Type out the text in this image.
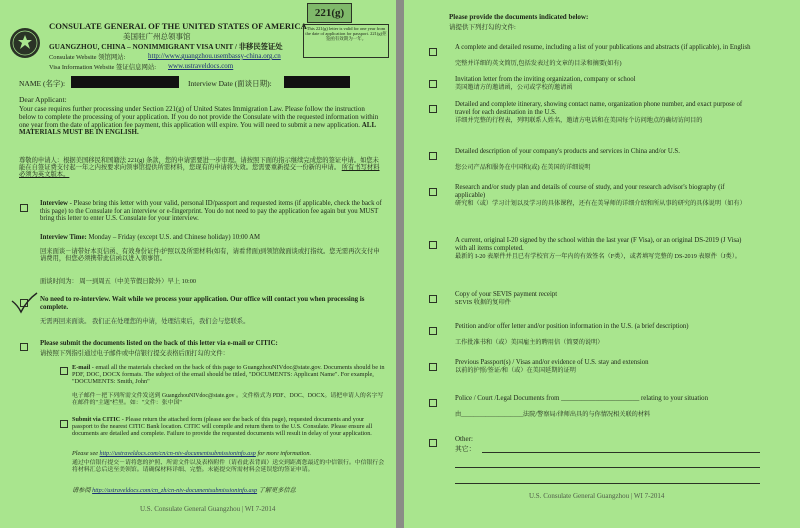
CONSULATE GENERAL OF THE UNITED STATES OF AMERICA
美国驻广州总领事馆
GUANGZHOU, CHINA – NONIMMIGRANT VISA UNIT / 非移民签证处
Consulate Website 领馆网站:	http://www.guangzhou.usembassy-china.org.cn
Visa Information Website 签证信息网站: www.ustraveldocs.com
221(g)
This 221(g) letter is valid for one year from the date of application for passport. 221(g)拒签函有效期为一年。
NAME (名字):	Interview Date (面谈日期):
Dear Applicant:
Your case requires further processing under Section 221(g) of United States Immigration Law. Please follow the instruction below to complete the processing of your application. If you do not provide the Consulate with the requested information within one year from the date of application fee payment, this application will expire. You will need to submit a new application. ALL MATERIALS MUST BE IN ENGLISH.
尊敬的申请人：根据美国移民和国籍法 221(g) 条款，您的申请需要进一步审理。请按照下面的指示继续完成您的签证申请。如您未能在自签证费支付起一年之内按要求向领事馆提供所需材料，您现有的申请将失效。您需要重新提交一份新的申请。 所有书写材料必须为英文版本。
Interview - Please bring this letter with your valid, personal ID/passport and requested items (if applicable, check the back of this page) to the Consulate for an interview or e-fingerprint. You do not need to pay the application fee again but you MUST bring this letter to enter U.S. Consulate for your interview.
Interview Time: Monday – Friday (except U.S. and Chinese holiday) 10:00 AM
回来面谈－请带好本页信函、有效身份证件/护照以及所需材料(如有，请看背面)到领馆做面谈或打指纹。您无需再次支付申请费用，但您必须携带此信函以进入领事馆。
面谈时间为： 周一到周五（中美节假日除外）早上 10:00
No need to re-interview. Wait while we process your application. Our office will contact you when processing is complete.
无需再回来面谈。 我们正在处理您的申请，处理结束后，我们会与您联系。
Please submit the documents listed on the back of this letter via e-mail or CITIC:
请按照下列指引通过电子邮件或中信银行提交表格后面打勾的文件：
E-mail - email all the materials checked on the back of this page to GuangzhouNIVdoc@state.gov. Documents should be in PDF, DOC, DOCX formats. The subject of the email should be titled, "DOCUMENTS: Applicant Name". For example, "DOCUMENTS: Smith, John"
电子邮件－把下列所需文件发送到 GuangzhouNIVdoc@state.gov 。文件格式为 PDF、DOC、DOCX。请把申请人的名字写在邮件的"主题"栏里。如："文件：张中国"
Submit via CITIC - Please return the attached form (please see the back of this page), requested documents and your passport to the nearest CITIC Bank location. CITIC will compile and return them to the U.S. Consulate. Please ensure all documents are detailed and complete. Failure to provide the requested documents will result in delay of your application.
Please see http://ustraveldocs.com/cn/cn-niv-documentsubmissioninfo.asp for more information.
通过中信银行提交－请将您的护照、所需文件以及表格附件（请看此表背面）送交到距离您最近的中信银行。中信银行会将材料汇总后送至美领馆。请确保材料详细、完整。未能提交所需材料会延误您的签证申请。
请参阅 http://ustraveldocs.com/cn_zh/cn-niv-documentsubmissioninfo.asp 了解更多信息
U.S. Consulate General Guangzhou | WI 7-2014
Please provide the documents indicated below:
请提供下列打勾的文件:
A complete and detailed resume, including a list of your publications and abstracts (if applicable), in English
完整并详细的英文简历,包括发表过的文章的目录和摘要(如有)
Invitation letter from the inviting organization, company or school
美国邀请方的邀请函，公司或学校的邀请函
Detailed and complete itinerary, showing contact name, organization phone number, and exact purpose of travel for each destination in the U.S.
详细并完整的行程表，列明联系人姓名，邀请方电话和在美国每个访问地点的确切访问目的
Detailed description of your company's products and services in China and/or U.S.
您公司产品和服务在中国和(或) 在美国的详细说明
Research and/or study plan and details of course of study, and your research advisor's biography (if applicable)
研究和（或）学习计划以及学习的具体课程，还有在美导师的详细介绍和所从事的研究的具体说明（如有）
A current, original I-20 signed by the school within the last year (F Visa), or an original DS-2019 (J Visa) with all items completed.
最新的 I-20 表原件并且已有学校官方一年内的有效签名（F类），或者填写完整的 DS-2019 表原件（J类）。
Copy of your SEVIS payment receipt
SEVIS 收据的复印件
Petition and/or offer letter and/or position information in the U.S. (a brief description)
工作批准书和（或）美国雇主的聘用信（简要的说明）
Previous Passport(s) / Visas and/or evidence of U.S. stay and extension
以前的护照/签证/和（或）在美国延期的证明
Police / Court /Legal Documents from _______________________ relating to your situation
由____________________法院/警察局/律师出具的与你情况相关联的材料
Other:
其它：
U.S. Consulate General Guangzhou | WI 7-2014
